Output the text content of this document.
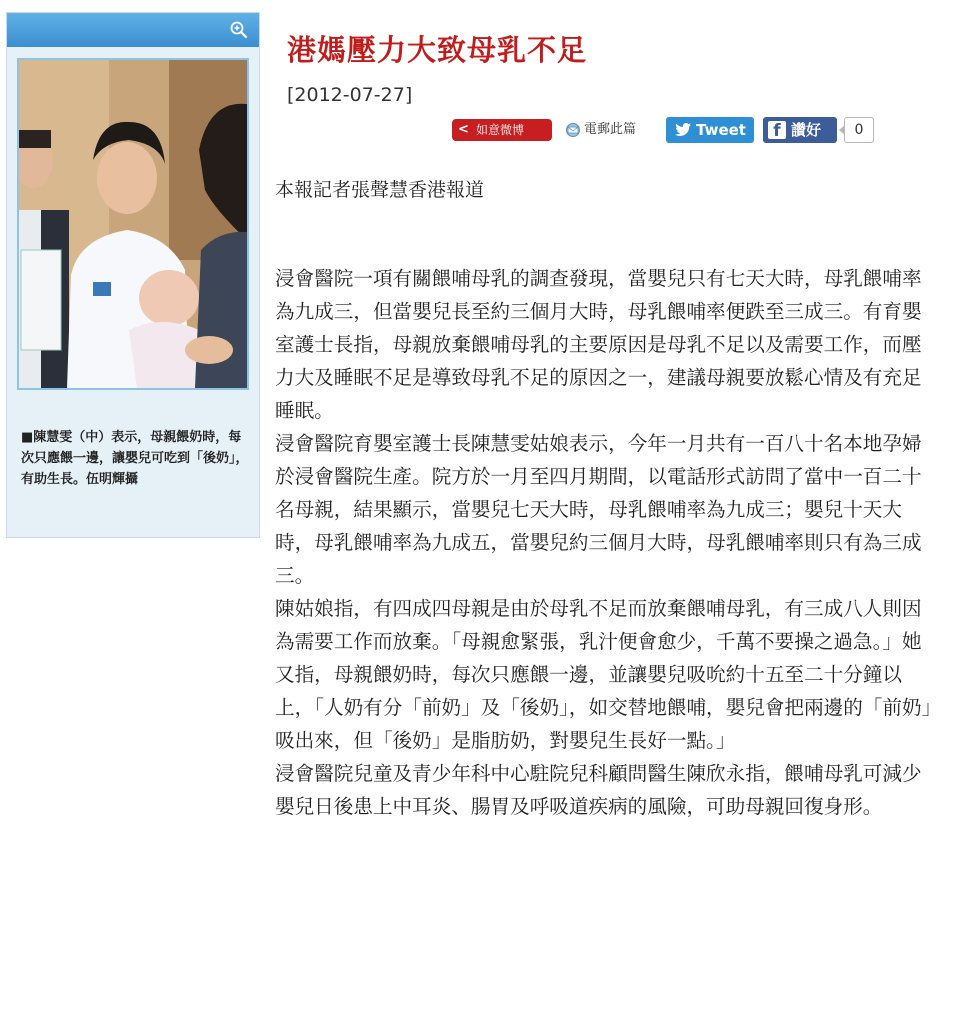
■陳慧雯（中）表示，母親餵奶時，每次只應餵一邊，讓嬰兒可吃到「後奶」，有助生長。伍明輝攝
港媽壓力大致母乳不足
[2012-07-27]
< 如意微博	電郵此篇	Tweet	f 讚好	0
本報記者張聲慧香港報道

浸會醫院一項有關餵哺母乳的調查發現，當嬰兒只有七天大時，母乳餵哺率為九成三，但當嬰兒長至約三個月大時，母乳餵哺率便跌至三成三。有育嬰室護士長指，母親放棄餵哺母乳的主要原因是母乳不足以及需要工作，而壓力大及睡眠不足是導致母乳不足的原因之一，建議母親要放鬆心情及有充足睡眠。

浸會醫院育嬰室護士長陳慧雯姑娘表示，今年一月共有一百八十名本地孕婦於浸會醫院生產。院方於一月至四月期間，以電話形式訪問了當中一百二十名母親，結果顯示，當嬰兒七天大時，母乳餵哺率為九成三；嬰兒十天大時，母乳餵哺率為九成五，當嬰兒約三個月大時，母乳餵哺率則只有為三成三。

陳姑娘指，有四成四母親是由於母乳不足而放棄餵哺母乳，有三成八人則因為需要工作而放棄。「母親愈緊張，乳汁便會愈少，千萬不要操之過急。」她又指，母親餵奶時，每次只應餵一邊，並讓嬰兒吸吮約十五至二十分鐘以上，「人奶有分「前奶」及「後奶」，如交替地餵哺，嬰兒會把兩邊的「前奶」吸出來，但「後奶」是脂肪奶，對嬰兒生長好一點。」

浸會醫院兒童及青少年科中心駐院兒科顧問醫生陳欣永指，餵哺母乳可減少嬰兒日後患上中耳炎、腸胃及呼吸道疾病的風險，可助母親回復身形。
